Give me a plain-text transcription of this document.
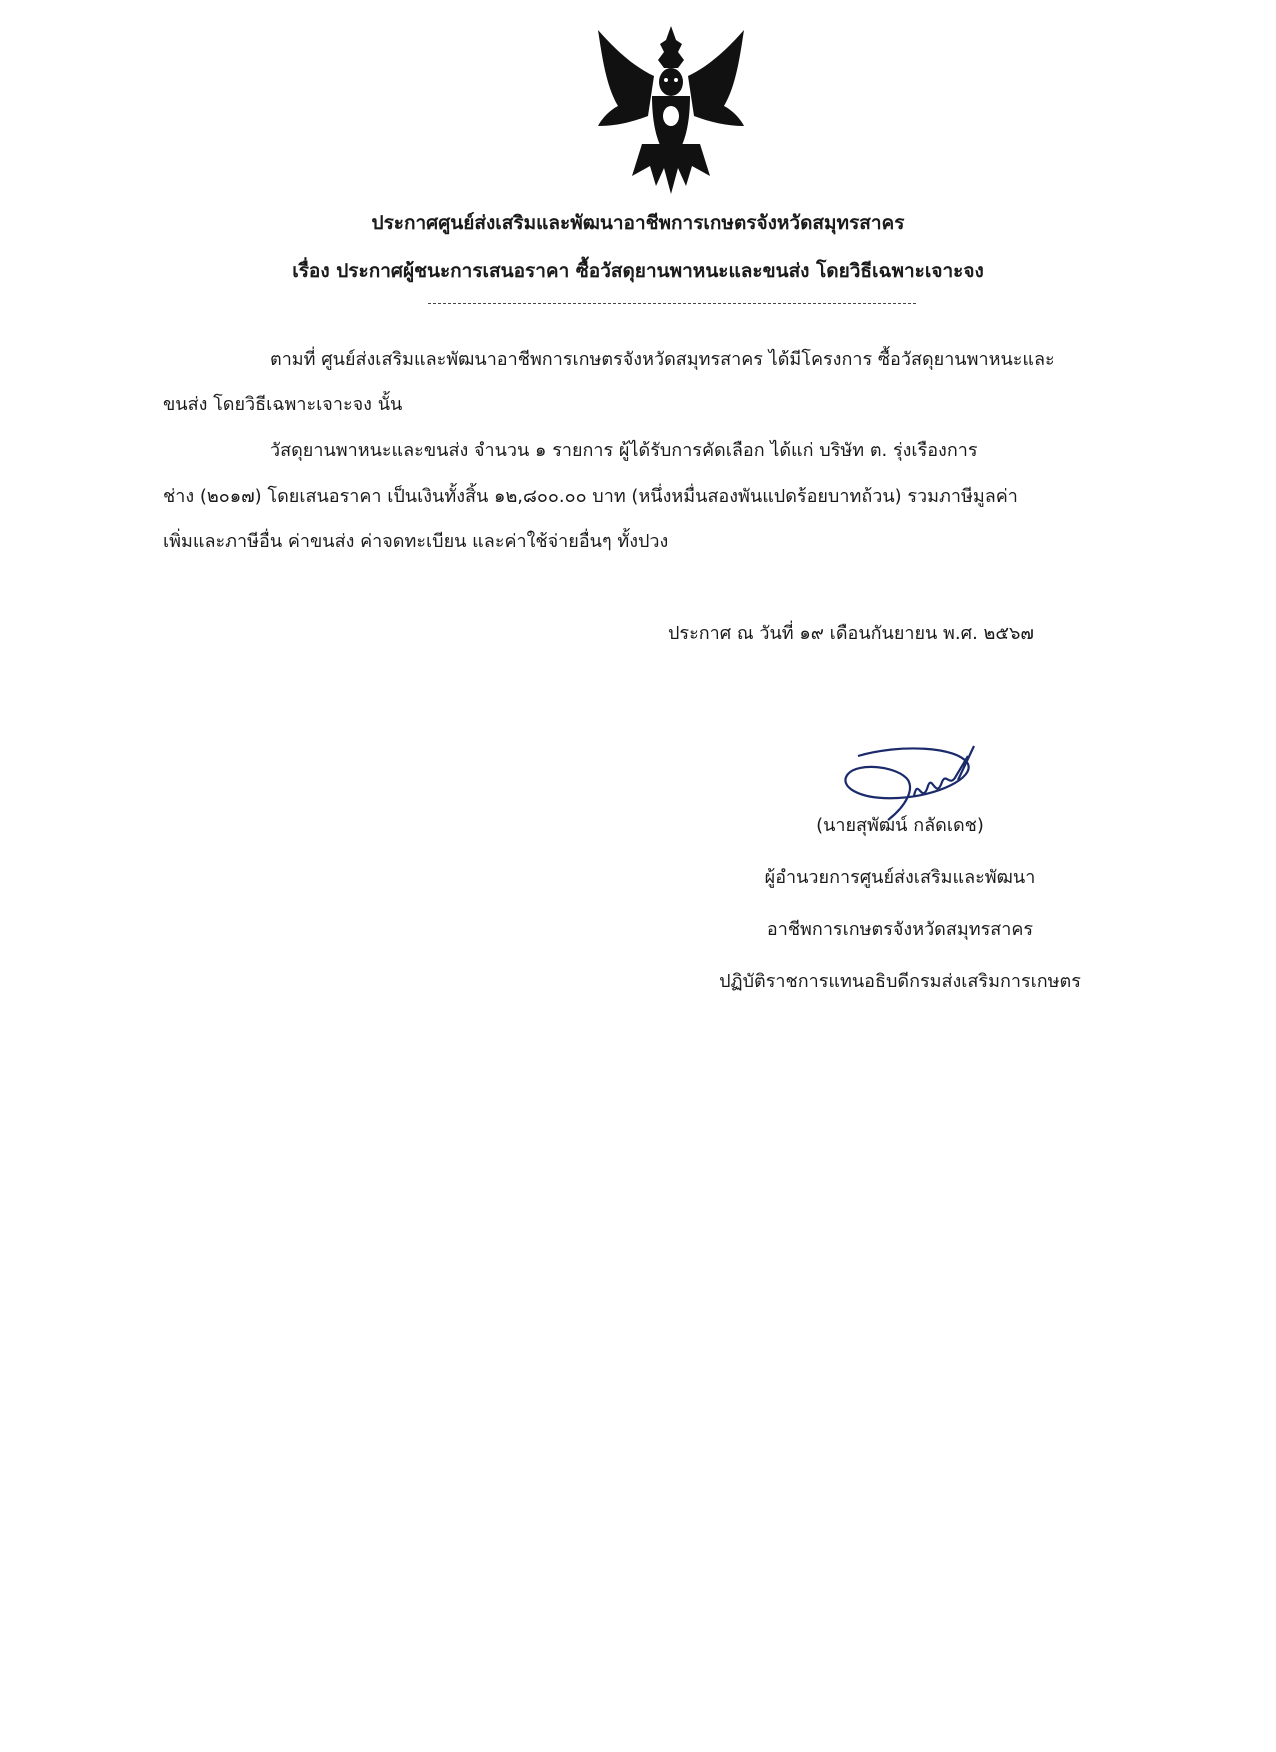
ประกาศศูนย์ส่งเสริมและพัฒนาอาชีพการเกษตรจังหวัดสมุทรสาคร
เรื่อง ประกาศผู้ชนะการเสนอราคา ซื้อวัสดุยานพาหนะและขนส่ง โดยวิธีเฉพาะเจาะจง
ตามที่ ศูนย์ส่งเสริมและพัฒนาอาชีพการเกษตรจังหวัดสมุทรสาคร ได้มีโครงการ ซื้อวัสดุยานพาหนะและ
ขนส่ง โดยวิธีเฉพาะเจาะจง นั้น
วัสดุยานพาหนะและขนส่ง จำนวน ๑ รายการ ผู้ได้รับการคัดเลือก ได้แก่ บริษัท ต. รุ่งเรืองการ
ช่าง (๒๐๑๗) โดยเสนอราคา เป็นเงินทั้งสิ้น ๑๒,๘๐๐.๐๐ บาท (หนึ่งหมื่นสองพันแปดร้อยบาทถ้วน) รวมภาษีมูลค่า
เพิ่มและภาษีอื่น ค่าขนส่ง ค่าจดทะเบียน และค่าใช้จ่ายอื่นๆ ทั้งปวง
ประกาศ ณ วันที่ ๑๙ เดือนกันยายน พ.ศ. ๒๕๖๗
(นายสุพัฒน์ กลัดเดช)
ผู้อำนวยการศูนย์ส่งเสริมและพัฒนา
อาชีพการเกษตรจังหวัดสมุทรสาคร
ปฏิบัติราชการแทนอธิบดีกรมส่งเสริมการเกษตร
